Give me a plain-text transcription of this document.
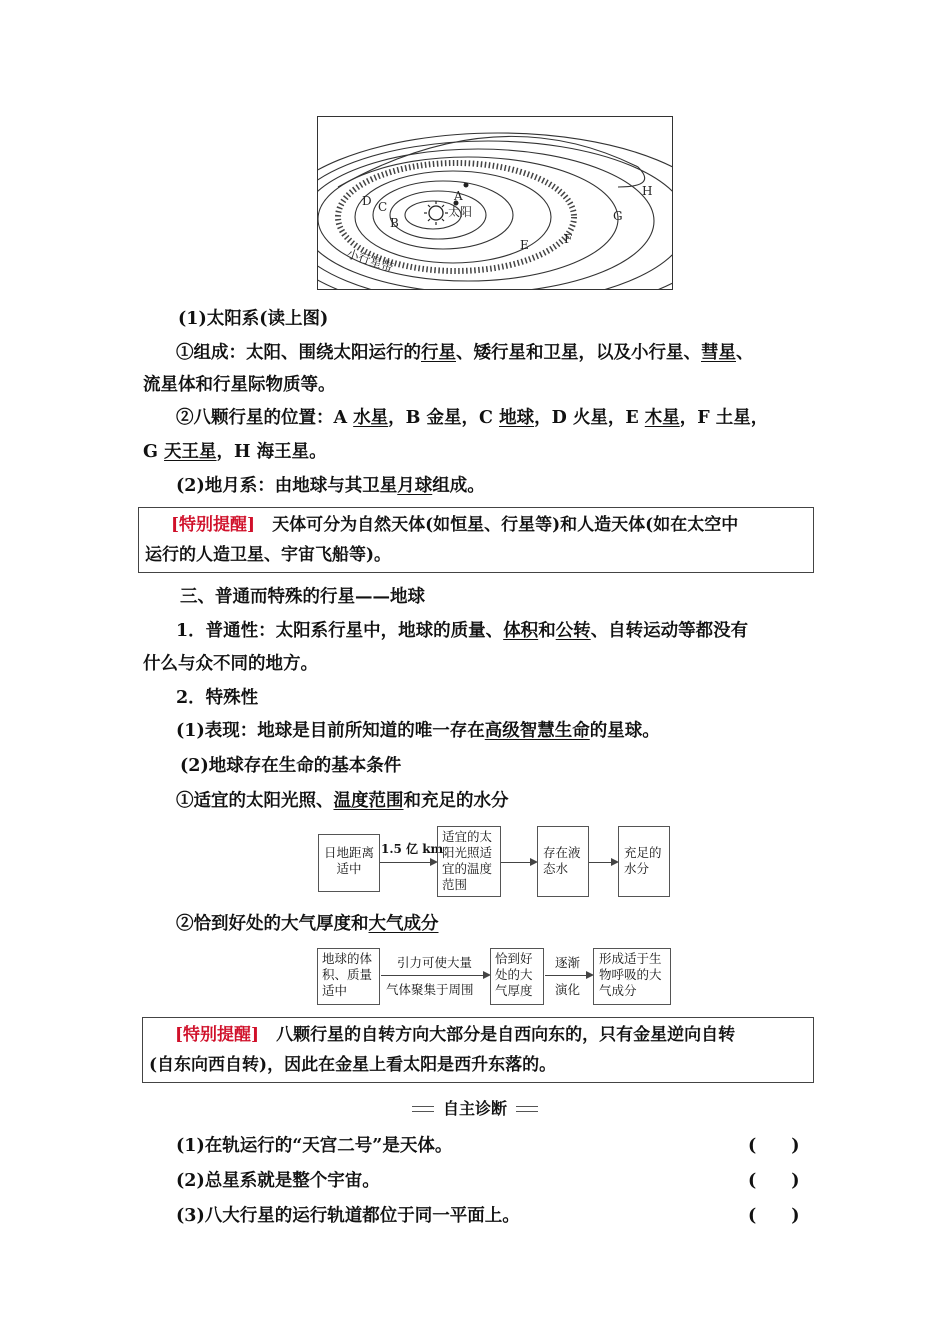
A
B
C
D
E	F
G
H
太阳
小行星带
(1)太阳系(读上图)
①组成：太阳、围绕太阳运行的行星、矮行星和卫星，以及小行星、彗星、
流星体和行星际物质等。
②八颗行星的位置：A 水星，B 金星，C 地球，D 火星，E 木星，F 土星，
G 天王星，H 海王星。
(2)地月系：由地球与其卫星月球组成。
[特别提醒]　天体可分为自然天体(如恒星、行星等)和人造天体(如在太空中
运行的人造卫星、宇宙飞船等)。
三、普通而特殊的行星——地球
1．普通性：太阳系行星中，地球的质量、体积和公转、自转运动等都没有
什么与众不同的地方。
2．特殊性
(1)表现：地球是目前所知道的唯一存在高级智慧生命的星球。
(2)地球存在生命的基本条件
①适宜的太阳光照、温度范围和充足的水分
日地距离适中
1.5 亿 km
适宜的太阳光照适宜的温度范围
存在液态水
充足的水分
②恰到好处的大气厚度和大气成分
地球的体积、质量适中
引力可使大量
气体聚集于周围
恰到好处的大气厚度
逐渐
演化
形成适于生物呼吸的大气成分
[特别提醒]　八颗行星的自转方向大部分是自西向东的，只有金星逆向自转
(自东向西自转)，因此在金星上看太阳是西升东落的。
自主诊断
(1)在轨运行的“天宫二号”是天体。	(　　)
(2)总星系就是整个宇宙。	(　　)
(3)八大行星的运行轨道都位于同一平面上。	(　　)
